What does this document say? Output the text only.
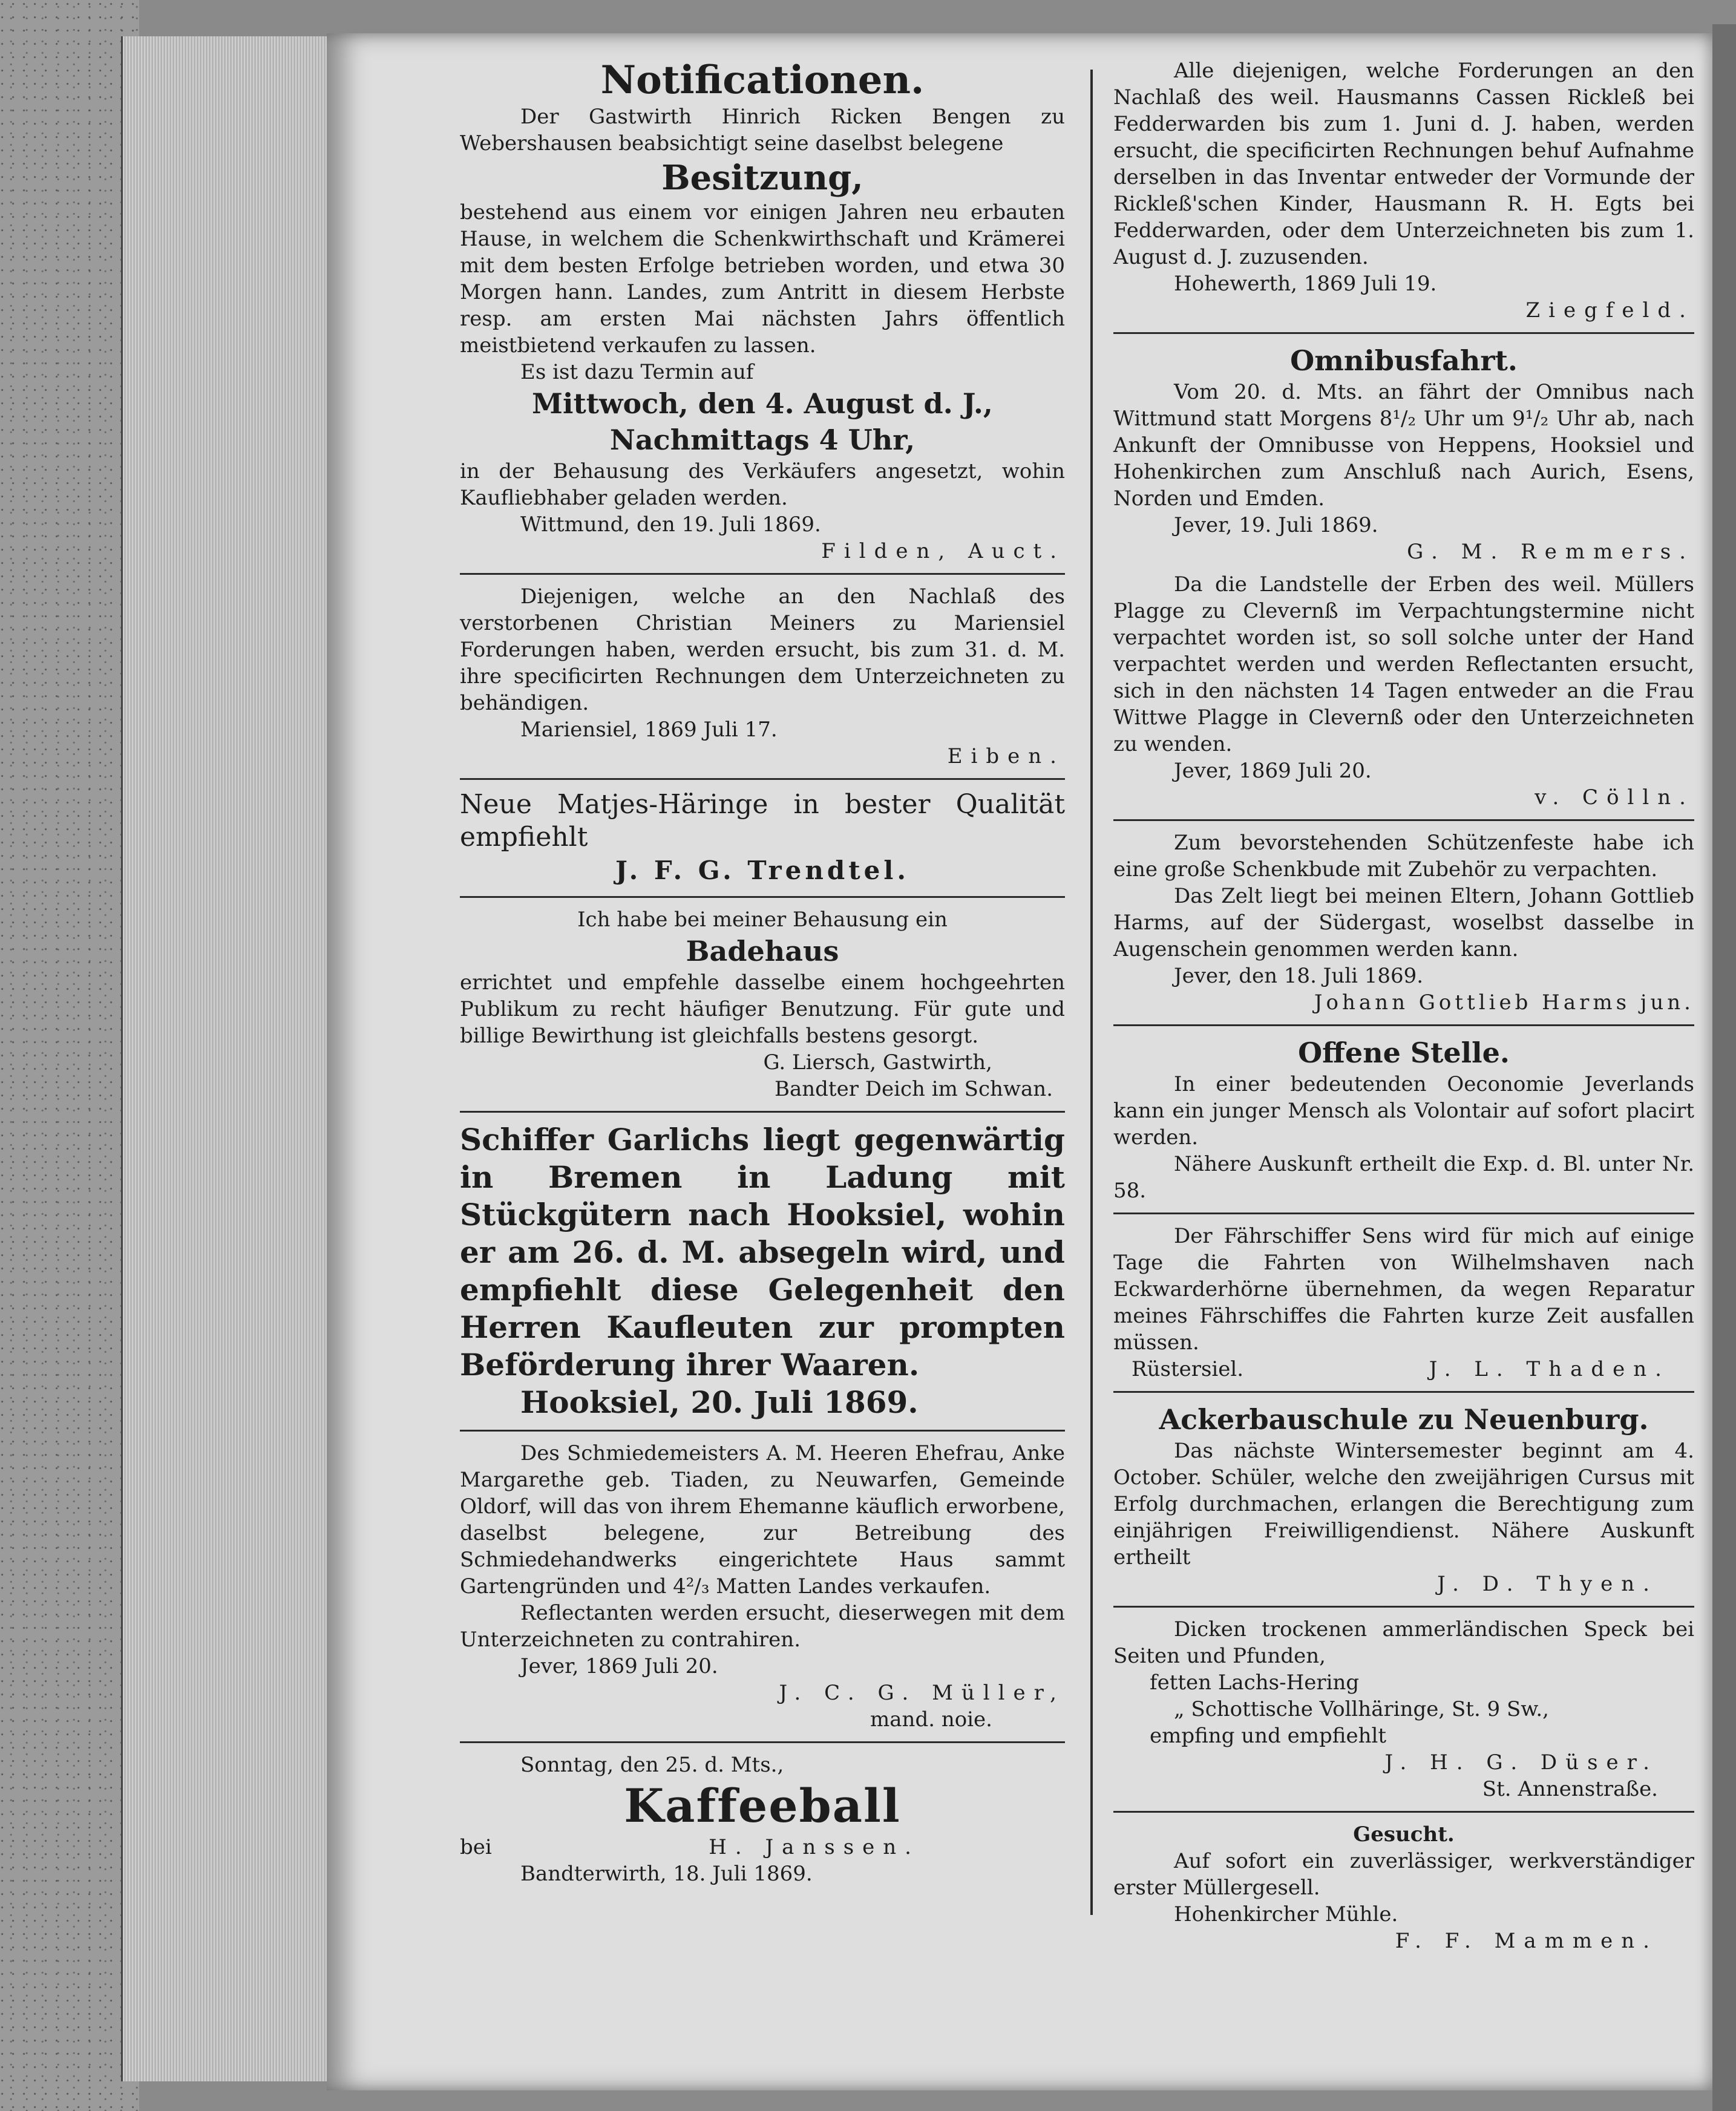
Notificationen.

Der Gastwirth Hinrich Ricken Bengen zu Webershausen beabsichtigt seine daselbst belegene

Besitzung,

bestehend aus einem vor einigen Jahren neu erbauten Hause, in welchem die Schenkwirthschaft und Krämerei mit dem besten Erfolge betrieben worden, und etwa 30 Morgen hann. Landes, zum Antritt in diesem Herbste resp. am ersten Mai nächsten Jahrs öffentlich meistbietend verkaufen zu lassen.

Es ist dazu Termin auf

Mittwoch, den 4. August d. J.,
Nachmittags 4 Uhr,

in der Behausung des Verkäufers angesetzt, wohin Kaufliebhaber geladen werden.

Wittmund, den 19. Juli 1869.

Filden, Auct.

Diejenigen, welche an den Nachlaß des verstorbenen Christian Meiners zu Mariensiel Forderungen haben, werden ersucht, bis zum 31. d. M. ihre specificirten Rechnungen dem Unterzeichneten zu behändigen.

Mariensiel, 1869 Juli 17.

Eiben.

Neue Matjes-Häringe in bester Qualität empfiehlt

J. F. G. Trendtel.

Ich habe bei meiner Behausung ein

Badehaus

errichtet und empfehle dasselbe einem hochgeehrten Publikum zu recht häufiger Benutzung. Für gute und billige Bewirthung ist gleichfalls bestens gesorgt.

G. Liersch, Gastwirth,

Bandter Deich im Schwan.

Schiffer Garlichs liegt gegenwärtig in Bremen in Ladung mit Stückgütern nach Hooksiel, wohin er am 26. d. M. absegeln wird, und empfiehlt diese Gelegenheit den Herren Kaufleuten zur prompten Beförderung ihrer Waaren.

Hooksiel, 20. Juli 1869.

Des Schmiedemeisters A. M. Heeren Ehefrau, Anke Margarethe geb. Tiaden, zu Neuwarfen, Gemeinde Oldorf, will das von ihrem Ehemanne käuflich erworbene, daselbst belegene, zur Betreibung des Schmiedehandwerks eingerichtete Haus sammt Gartengründen und 4²/₃ Matten Landes verkaufen.

Reflectanten werden ersucht, dieserwegen mit dem Unterzeichneten zu contrahiren.

Jever, 1869 Juli 20.

J. C. G. Müller,

mand. noie.

Sonntag, den 25. d. Mts.,

Kaffeeball

bei	H. Janssen.

Bandterwirth, 18. Juli 1869.

Alle diejenigen, welche Forderungen an den Nachlaß des weil. Hausmanns Cassen Rickleß bei Fedderwarden bis zum 1. Juni d. J. haben, werden ersucht, die specificirten Rechnungen behuf Aufnahme derselben in das Inventar entweder der Vormunde der Rickleß'schen Kinder, Hausmann R. H. Egts bei Fedderwarden, oder dem Unterzeichneten bis zum 1. August d. J. zuzusenden.

Hohewerth, 1869 Juli 19.

Ziegfeld.

Omnibusfahrt.

Vom 20. d. Mts. an fährt der Omnibus nach Wittmund statt Morgens 8¹/₂ Uhr um 9¹/₂ Uhr ab, nach Ankunft der Omnibusse von Heppens, Hooksiel und Hohenkirchen zum Anschluß nach Aurich, Esens, Norden und Emden.

Jever, 19. Juli 1869.

G. M. Remmers.

Da die Landstelle der Erben des weil. Müllers Plagge zu Clevernß im Verpachtungstermine nicht verpachtet worden ist, so soll solche unter der Hand verpachtet werden und werden Reflectanten ersucht, sich in den nächsten 14 Tagen entweder an die Frau Wittwe Plagge in Clevernß oder den Unterzeichneten zu wenden.

Jever, 1869 Juli 20.

v. Cölln.

Zum bevorstehenden Schützenfeste habe ich eine große Schenkbude mit Zubehör zu verpachten.

Das Zelt liegt bei meinen Eltern, Johann Gottlieb Harms, auf der Südergast, woselbst dasselbe in Augenschein genommen werden kann.

Jever, den 18. Juli 1869.

Johann Gottlieb Harms jun.

Offene Stelle.

In einer bedeutenden Oeconomie Jeverlands kann ein junger Mensch als Volontair auf sofort placirt werden.

Nähere Auskunft ertheilt die Exp. d. Bl. unter Nr. 58.

Der Fährschiffer Sens wird für mich auf einige Tage die Fahrten von Wilhelmshaven nach Eckwarderhörne übernehmen, da wegen Reparatur meines Fährschiffes die Fahrten kurze Zeit ausfallen müssen.

Rüstersiel.	J. L. Thaden.

Ackerbauschule zu Neuenburg.

Das nächste Wintersemester beginnt am 4. October. Schüler, welche den zweijährigen Cursus mit Erfolg durchmachen, erlangen die Berechtigung zum einjährigen Freiwilligendienst. Nähere Auskunft ertheilt

J. D. Thyen.

Dicken trockenen ammerländischen Speck bei Seiten und Pfunden,

fetten Lachs-Hering

„ Schottische Vollhäringe, St. 9 Sw.,

empfing und empfiehlt

J. H. G. Düser.

St. Annenstraße.

Gesucht.

Auf sofort ein zuverlässiger, werkverständiger erster Müllergesell.

Hohenkircher Mühle.

F. F. Mammen.
